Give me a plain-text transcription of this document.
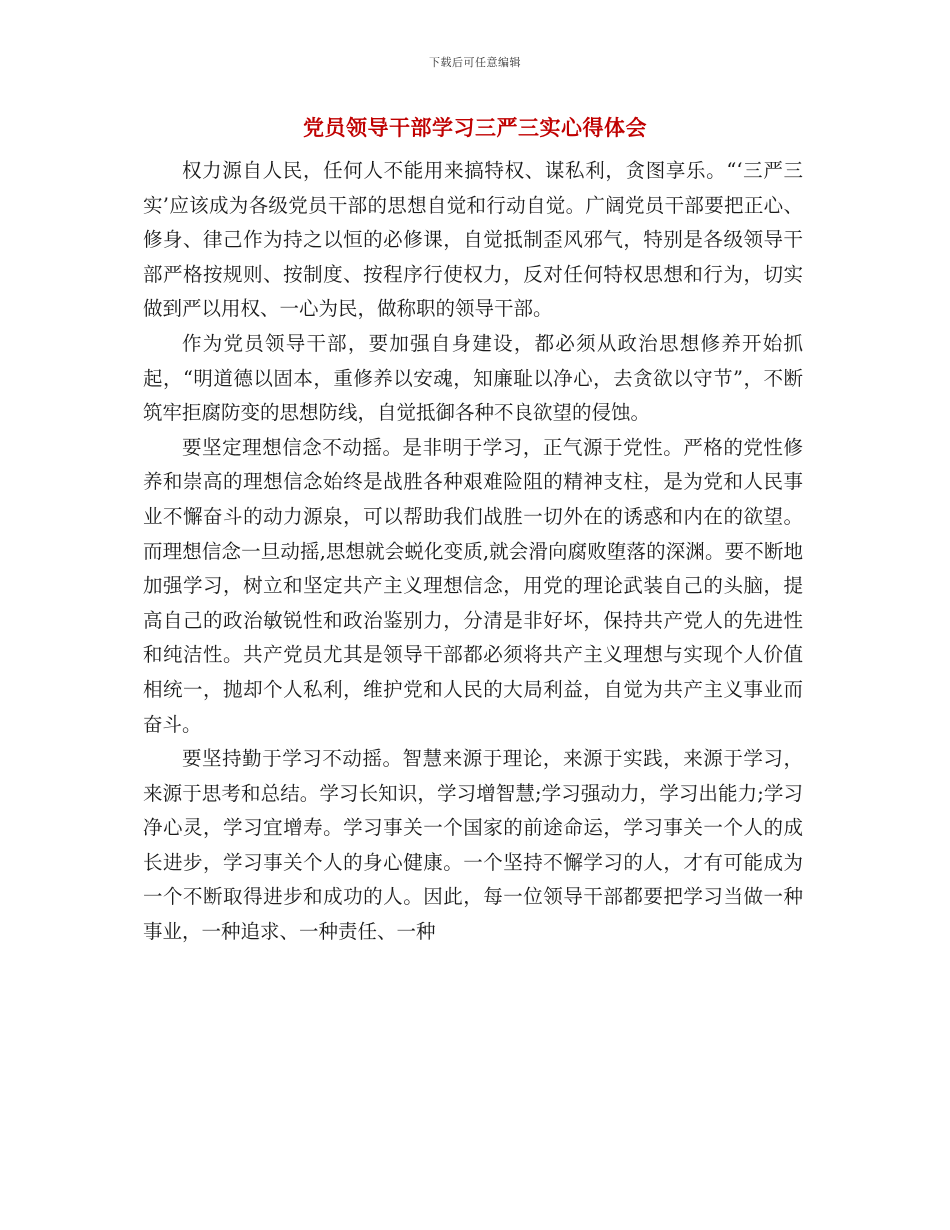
下载后可任意编辑
党员领导干部学习三严三实心得体会

权力源自人民，任何人不能用来搞特权、谋私利，贪图享乐。“‘三严三实’应该成为各级党员干部的思想自觉和行动自觉。广阔党员干部要把正心、修身、律己作为持之以恒的必修课，自觉抵制歪风邪气，特别是各级领导干部严格按规则、按制度、按程序行使权力，反对任何特权思想和行为，切实做到严以用权、一心为民，做称职的领导干部。

作为党员领导干部，要加强自身建设，都必须从政治思想修养开始抓起，“明道德以固本，重修养以安魂，知廉耻以净心，去贪欲以守节”，不断筑牢拒腐防变的思想防线，自觉抵御各种不良欲望的侵蚀。

要坚定理想信念不动摇。是非明于学习，正气源于党性。严格的党性修养和崇高的理想信念始终是战胜各种艰难险阻的精神支柱，是为党和人民事业不懈奋斗的动力源泉，可以帮助我们战胜一切外在的诱惑和内在的欲望。而理想信念一旦动摇,思想就会蜕化变质,就会滑向腐败堕落的深渊。要不断地加强学习，树立和坚定共产主义理想信念，用党的理论武装自己的头脑，提高自己的政治敏锐性和政治鉴别力，分清是非好坏，保持共产党人的先进性和纯洁性。共产党员尤其是领导干部都必须将共产主义理想与实现个人价值相统一，抛却个人私利，维护党和人民的大局利益，自觉为共产主义事业而奋斗。

要坚持勤于学习不动摇。智慧来源于理论，来源于实践，来源于学习，来源于思考和总结。学习长知识，学习增智慧;学习强动力，学习出能力;学习净心灵，学习宜增寿。学习事关一个国家的前途命运，学习事关一个人的成长进步，学习事关个人的身心健康。一个坚持不懈学习的人，才有可能成为一个不断取得进步和成功的人。因此，每一位领导干部都要把学习当做一种事业，一种追求、一种责任、一种
